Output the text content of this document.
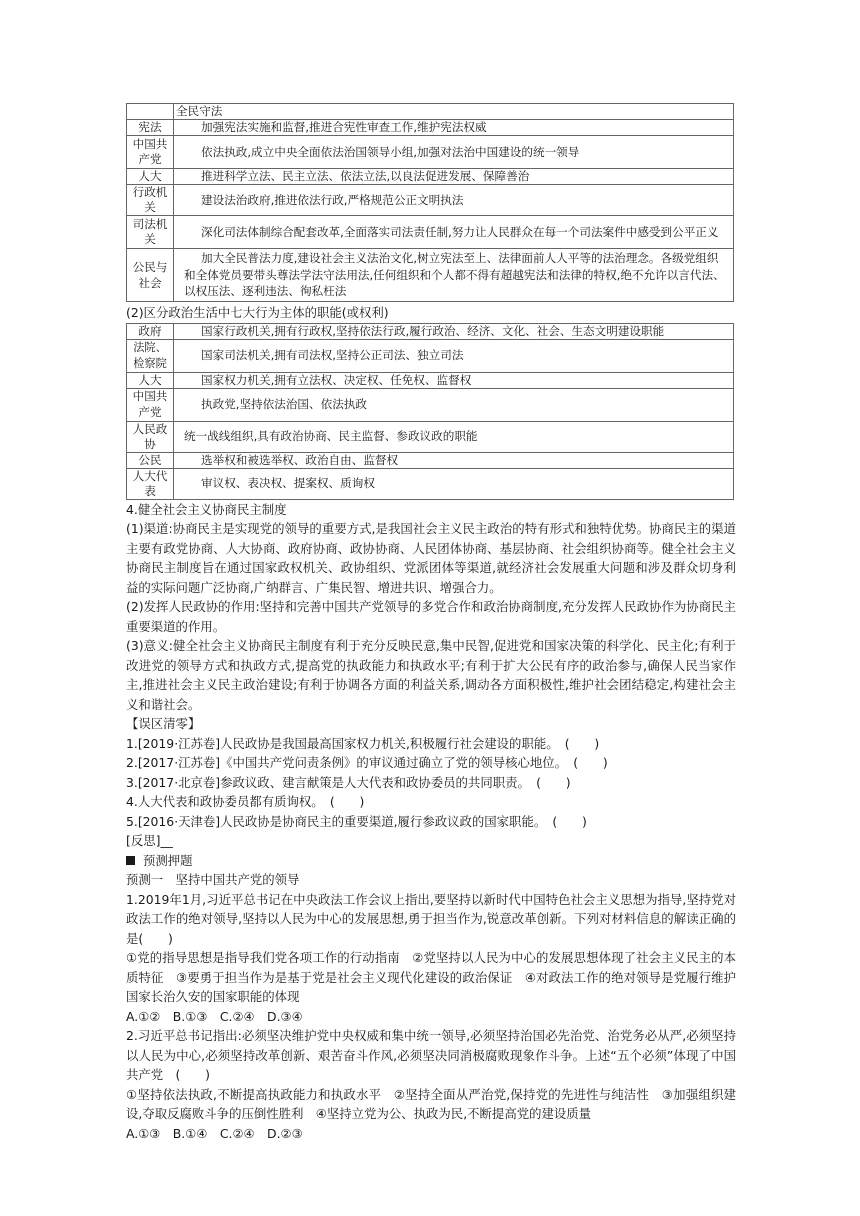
	全民守法
宪法	加强宪法实施和监督,推进合宪性审查工作,维护宪法权威
中国共产党	依法执政,成立中央全面依法治国领导小组,加强对法治中国建设的统一领导
人大	推进科学立法、民主立法、依法立法,以良法促进发展、保障善治
行政机关	建设法治政府,推进依法行政,严格规范公正文明执法
司法机关	深化司法体制综合配套改革,全面落实司法责任制,努力让人民群众在每一个司法案件中感受到公平正义
公民与社会	加大全民普法力度,建设社会主义法治文化,树立宪法至上、法律面前人人平等的法治理念。各级党组织和全体党员要带头尊法学法守法用法,任何组织和个人都不得有超越宪法和法律的特权,绝不允许以言代法、以权压法、逐利违法、徇私枉法

(2)区分政治生活中七大行为主体的职能(或权利)

政府	国家行政机关,拥有行政权,坚持依法行政,履行政治、经济、文化、社会、生态文明建设职能
法院、检察院	国家司法机关,拥有司法权,坚持公正司法、独立司法
人大	国家权力机关,拥有立法权、决定权、任免权、监督权
中国共产党	执政党,坚持依法治国、依法执政
人民政协	统一战线组织,具有政治协商、民主监督、参政议政的职能
公民	选举权和被选举权、政治自由、监督权
人大代表	审议权、表决权、提案权、质询权

4.健全社会主义协商民主制度

(1)渠道:协商民主是实现党的领导的重要方式,是我国社会主义民主政治的特有形式和独特优势。协商民主的渠道主要有政党协商、人大协商、政府协商、政协协商、人民团体协商、基层协商、社会组织协商等。健全社会主义协商民主制度旨在通过国家政权机关、政协组织、党派团体等渠道,就经济社会发展重大问题和涉及群众切身利益的实际问题广泛协商,广纳群言、广集民智、增进共识、增强合力。

(2)发挥人民政协的作用:坚持和完善中国共产党领导的多党合作和政治协商制度,充分发挥人民政协作为协商民主重要渠道的作用。

(3)意义:健全社会主义协商民主制度有利于充分反映民意,集中民智,促进党和国家决策的科学化、民主化;有利于改进党的领导方式和执政方式,提高党的执政能力和执政水平;有利于扩大公民有序的政治参与,确保人民当家作主,推进社会主义民主政治建设;有利于协调各方面的利益关系,调动各方面积极性,维护社会团结稳定,构建社会主义和谐社会。

【误区清零】

1.[2019·江苏卷]人民政协是我国最高国家权力机关,积极履行社会建设的职能。　(　　)

2.[2017·江苏卷]《中国共产党问责条例》的审议通过确立了党的领导核心地位。　(　　)

3.[2017·北京卷]参政议政、建言献策是人大代表和政协委员的共同职责。　(　　)

4.人大代表和政协委员都有质询权。　(　　)

5.[2016·天津卷]人民政协是协商民主的重要渠道,履行参政议政的国家职能。　(　　)

[反思]__

预测押题

预测一　坚持中国共产党的领导

1.2019年1月,习近平总书记在中央政法工作会议上指出,要坚持以新时代中国特色社会主义思想为指导,坚持党对政法工作的绝对领导,坚持以人民为中心的发展思想,勇于担当作为,锐意改革创新。下列对材料信息的解读正确的是(　　)

①党的指导思想是指导我们党各项工作的行动指南　②党坚持以人民为中心的发展思想体现了社会主义民主的本质特征　③要勇于担当作为是基于党是社会主义现代化建设的政治保证　④对政法工作的绝对领导是党履行维护国家长治久安的国家职能的体现

A.①②　B.①③　C.②④　D.③④

2.习近平总书记指出:必须坚决维护党中央权威和集中统一领导,必须坚持治国必先治党、治党务必从严,必须坚持以人民为中心,必须坚持改革创新、艰苦奋斗作风,必须坚决同消极腐败现象作斗争。上述“五个必须”体现了中国共产党　(　　)

①坚持依法执政,不断提高执政能力和执政水平　②坚持全面从严治党,保持党的先进性与纯洁性　③加强组织建设,夺取反腐败斗争的压倒性胜利　④坚持立党为公、执政为民,不断提高党的建设质量

A.①③　B.①④　C.②④　D.②③
